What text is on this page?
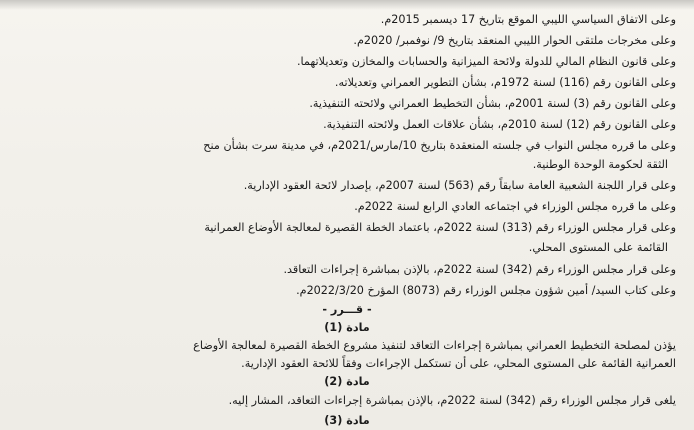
وعلى الاتفاق السياسي الليبي الموقع بتاريخ 17 ديسمبر 2015م.
وعلى مخرجات ملتقى الحوار الليبي المنعقد بتاريخ 9/ نوفمبر/ 2020م.
وعلى قانون النظام المالي للدولة ولائحة الميزانية والحسابات والمخازن وتعديلاتهما.
وعلى القانون رقم (116) لسنة 1972م، بشأن التطوير العمراني وتعديلاته.
وعلى القانون رقم (3) لسنة 2001م، بشأن التخطيط العمراني ولائحته التنفيذية.
وعلى القانون رقم (12) لسنة 2010م، بشأن علاقات العمل ولائحته التنفيذية.
وعلى ما قرره مجلس النواب في جلسته المنعقدة بتاريخ 10/مارس/2021م، في مدينة سرت بشأن منح
الثقة لحكومة الوحدة الوطنية.
وعلى قرار اللجنة الشعبية العامة سابقاً رقم (563) لسنة 2007م، بإصدار لائحة العقود الإدارية.
وعلى ما قرره مجلس الوزراء في اجتماعه العادي الرابع لسنة 2022م.
وعلى قرار مجلس الوزراء رقم (313) لسنة 2022م، باعتماد الخطة القصيرة لمعالجة الأوضاع العمرانية
القائمة على المستوى المحلي.
وعلى قرار مجلس الوزراء رقم (342) لسنة 2022م، بالإذن بمباشرة إجراءات التعاقد.
وعلى كتاب السيد/ أمين شؤون مجلس الوزراء رقم (8073) المؤرخ 2022/3/20م.
- قـــرر -
مادة (1)
يؤذن لمصلحة التخطيط العمراني بمباشرة إجراءات التعاقد لتنفيذ مشروع الخطة القصيرة لمعالجة الأوضاع
العمرانية القائمة على المستوى المحلي، على أن تستكمل الإجراءات وفقاً للائحة العقود الإدارية.
مادة (2)
يلغى قرار مجلس الوزراء رقم (342) لسنة 2022م، بالإذن بمباشرة إجراءات التعاقد، المشار إليه.
مادة (3)
